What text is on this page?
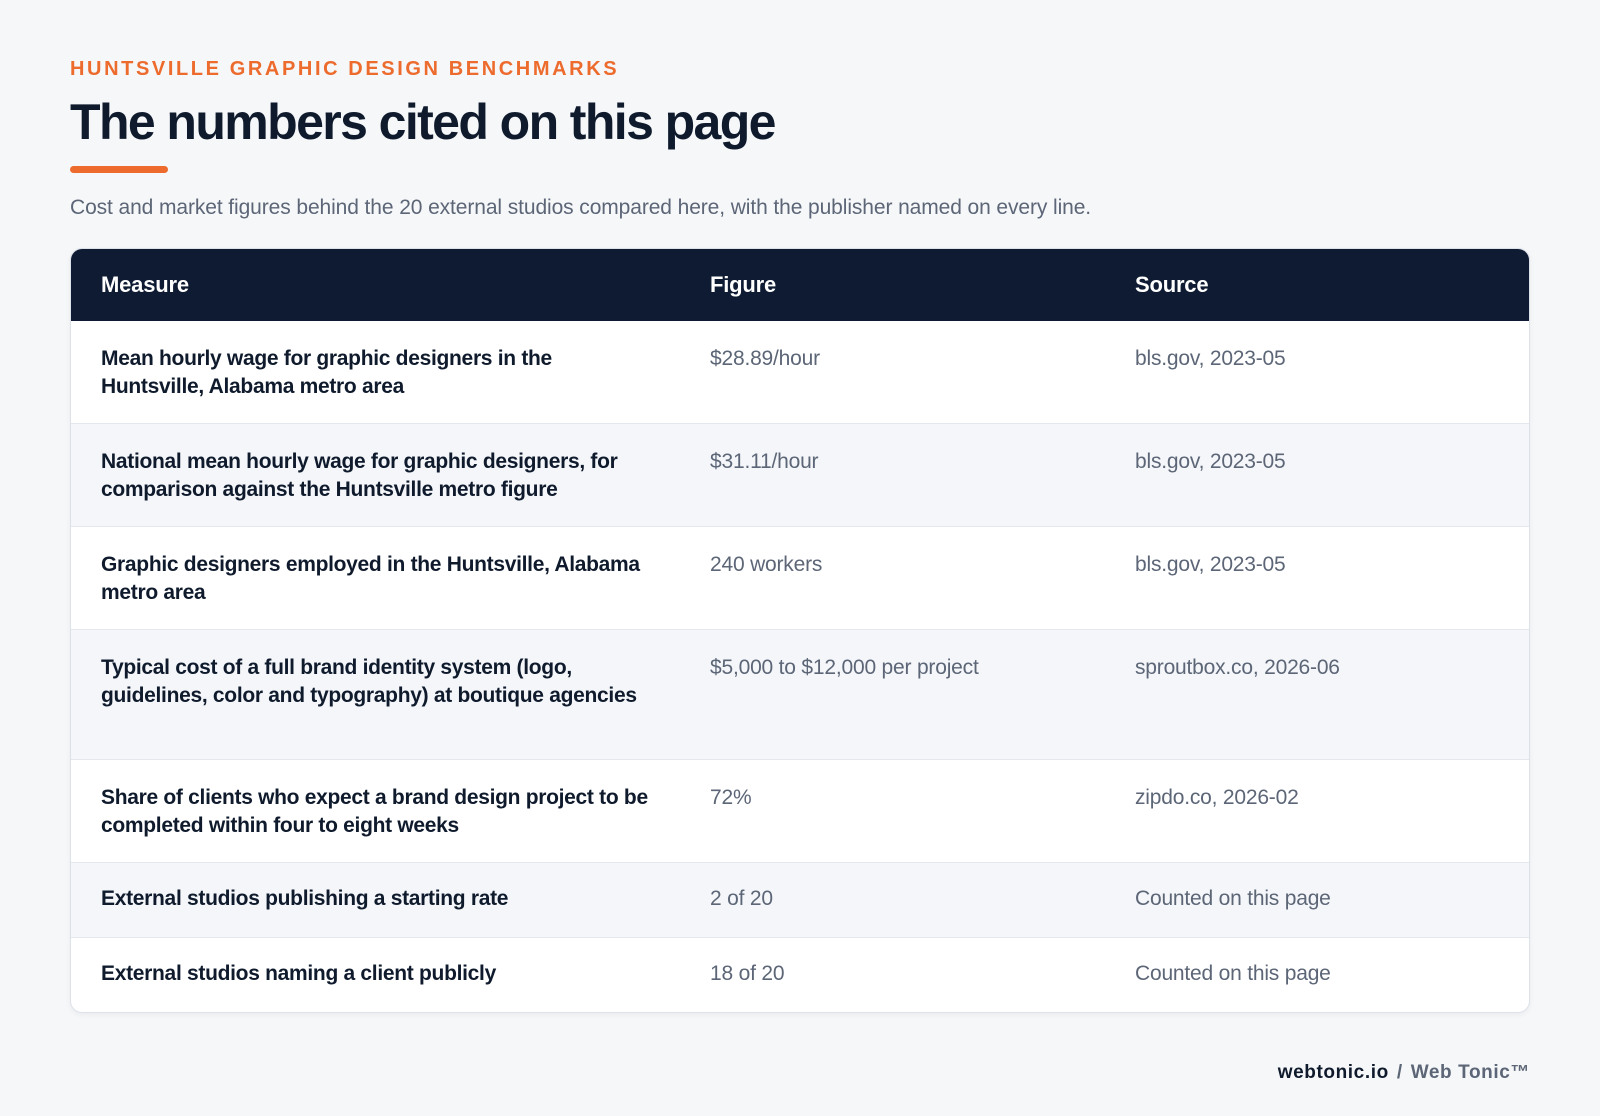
HUNTSVILLE GRAPHIC DESIGN BENCHMARKS
The numbers cited on this page

Cost and market figures behind the 20 external studios compared here, with the publisher named on every line.

Measure	Figure	Source
Mean hourly wage for graphic designers in the Huntsville, Alabama metro area	$28.89/hour	bls.gov, 2023-05
National mean hourly wage for graphic designers, for comparison against the Huntsville metro figure	$31.11/hour	bls.gov, 2023-05
Graphic designers employed in the Huntsville, Alabama metro area	240 workers	bls.gov, 2023-05
Typical cost of a full brand identity system (logo, guidelines, color and typography) at boutique agencies	$5,000 to $12,000 per project	sproutbox.co, 2026-06
Share of clients who expect a brand design project to be completed within four to eight weeks	72%	zipdo.co, 2026-02
External studios publishing a starting rate	2 of 20	Counted on this page
External studios naming a client publicly	18 of 20	Counted on this page
webtonic.io / Web Tonic™
